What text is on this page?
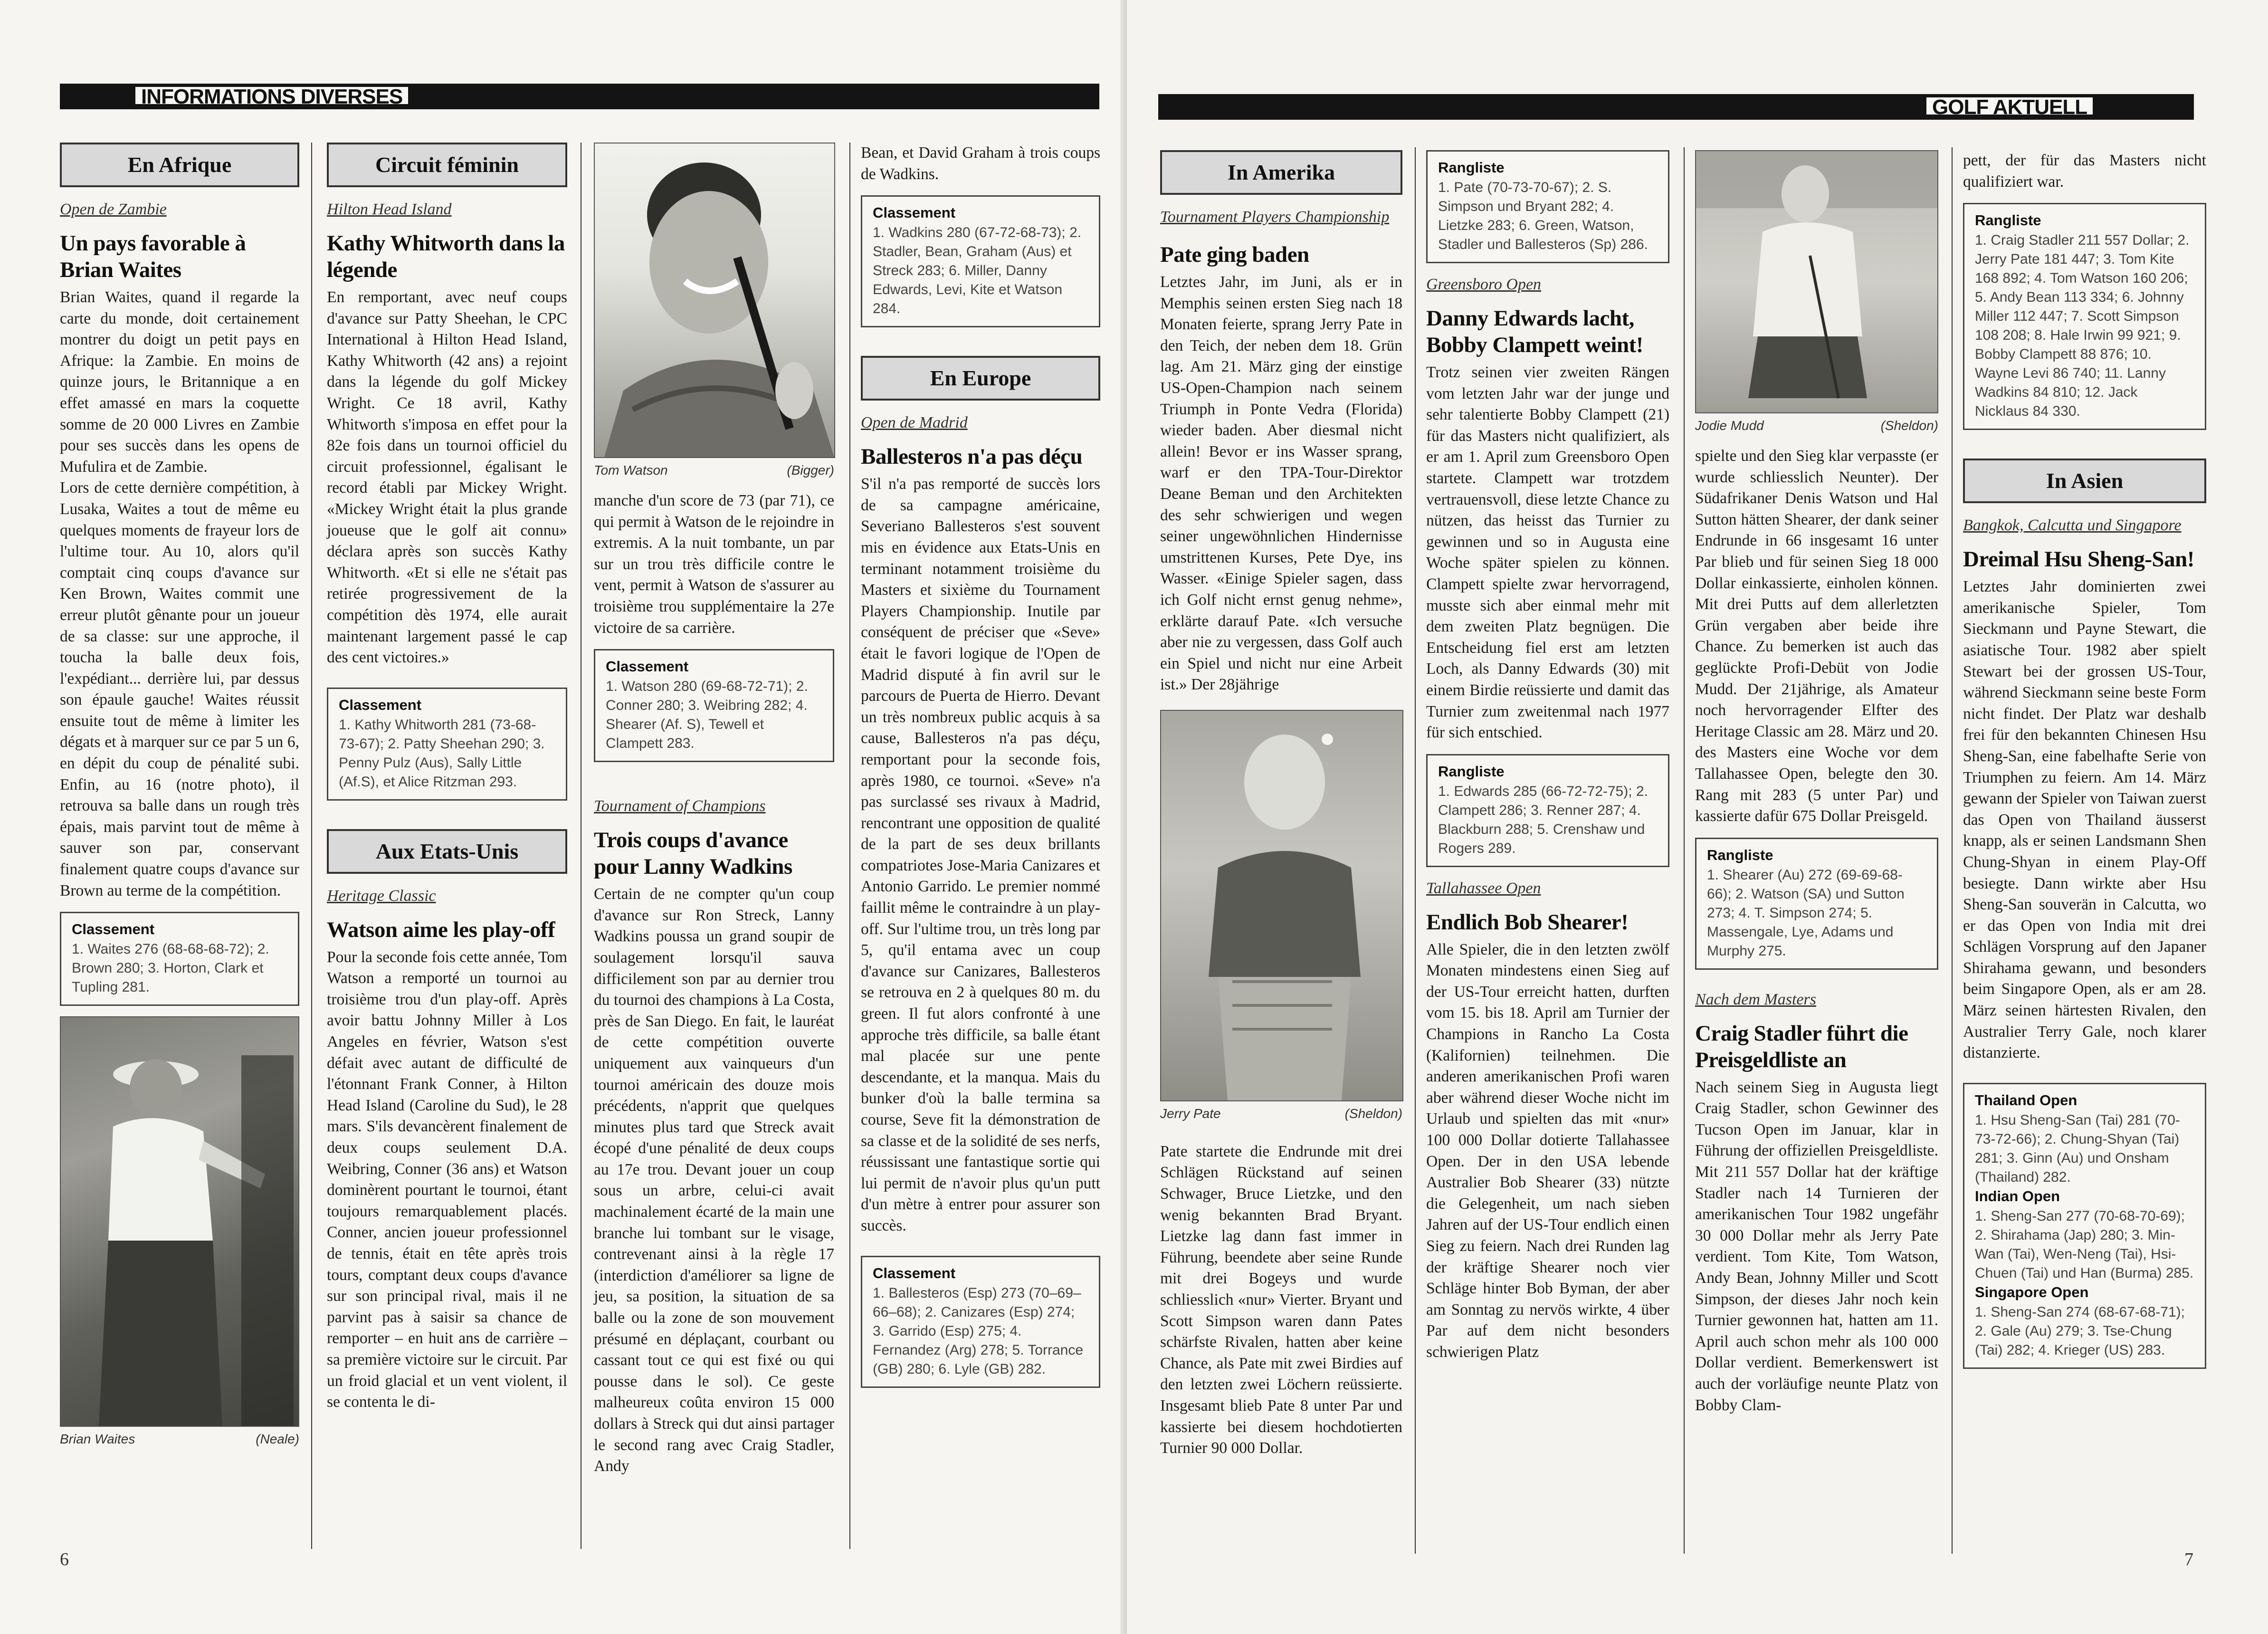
INFORMATIONS DIVERSES
En Afrique
Open de Zambie
Un pays favorable à Brian Waites

Brian Waites, quand il regarde la carte du monde, doit certainement montrer du doigt un petit pays en Afrique: la Zambie. En moins de quinze jours, le Britannique a en effet amassé en mars la coquette somme de 20 000 Livres en Zambie pour ses succès dans les opens de Mufulira et de Zambie.

Lors de cette dernière compétition, à Lusaka, Waites a tout de même eu quelques moments de frayeur lors de l'ultime tour. Au 10, alors qu'il comptait cinq coups d'avance sur Ken Brown, Waites commit une erreur plutôt gênante pour un joueur de sa classe: sur une approche, il toucha la balle deux fois, l'expédiant... derrière lui, par dessus son épaule gauche! Waites réussit ensuite tout de même à limiter les dégats et à marquer sur ce par 5 un 6, en dépit du coup de pénalité subi. Enfin, au 16 (notre photo), il retrouva sa balle dans un rough très épais, mais parvint tout de même à sauver son par, conservant finalement quatre coups d'avance sur Brown au terme de la compétition.

Classement
1. Waites 276 (68-68-68-72); 2. Brown 280; 3. Horton, Clark et Tupling 281.
Brian Waites	(Neale)
Circuit féminin
Hilton Head Island
Kathy Whitworth dans la légende

En remportant, avec neuf coups d'avance sur Patty Sheehan, le CPC International à Hilton Head Island, Kathy Whitworth (42 ans) a rejoint dans la légende du golf Mickey Wright. Ce 18 avril, Kathy Whitworth s'imposa en effet pour la 82e fois dans un tournoi officiel du circuit professionnel, égalisant le record établi par Mickey Wright. «Mickey Wright était la plus grande joueuse que le golf ait connu» déclara après son succès Kathy Whitworth. «Et si elle ne s'était pas retirée progressivement de la compétition dès 1974, elle aurait maintenant largement passé le cap des cent victoires.»

Classement
1. Kathy Whitworth 281 (73-68-73-67); 2. Patty Sheehan 290; 3. Penny Pulz (Aus), Sally Little (Af.S), et Alice Ritzman 293.
Aux Etats-Unis
Heritage Classic
Watson aime les play-off

Pour la seconde fois cette année, Tom Watson a remporté un tournoi au troisième trou d'un play-off. Après avoir battu Johnny Miller à Los Angeles en février, Watson s'est défait avec autant de difficulté de l'étonnant Frank Conner, à Hilton Head Island (Caroline du Sud), le 28 mars. S'ils devancèrent finalement de deux coups seulement D.A. Weibring, Conner (36 ans) et Watson dominèrent pourtant le tournoi, étant toujours remarquablement placés. Conner, ancien joueur professionnel de tennis, était en tête après trois tours, comptant deux coups d'avance sur son principal rival, mais il ne parvint pas à saisir sa chance de remporter – en huit ans de carrière – sa première victoire sur le circuit. Par un froid glacial et un vent violent, il se contenta le di-

Tom Watson	(Bigger)

manche d'un score de 73 (par 71), ce qui permit à Watson de le rejoindre in extremis. A la nuit tombante, un par sur un trou très difficile contre le vent, permit à Watson de s'assurer au troisième trou supplémentaire la 27e victoire de sa carrière.

Classement
1. Watson 280 (69-68-72-71); 2. Conner 280; 3. Weibring 282; 4. Shearer (Af. S), Tewell et Clampett 283.
Tournament of Champions
Trois coups d'avance pour Lanny Wadkins

Certain de ne compter qu'un coup d'avance sur Ron Streck, Lanny Wadkins poussa un grand soupir de soulagement lorsqu'il sauva difficilement son par au dernier trou du tournoi des champions à La Costa, près de San Diego. En fait, le lauréat de cette compétition ouverte uniquement aux vainqueurs d'un tournoi américain des douze mois précédents, n'apprit que quelques minutes plus tard que Streck avait écopé d'une pénalité de deux coups au 17e trou. Devant jouer un coup sous un arbre, celui-ci avait machinalement écarté de la main une branche lui tombant sur le visage, contrevenant ainsi à la règle 17 (interdiction d'améliorer sa ligne de jeu, sa position, la situation de sa balle ou la zone de son mouvement présumé en déplaçant, courbant ou cassant tout ce qui est fixé ou qui pousse dans le sol). Ce geste malheureux coûta environ 15 000 dollars à Streck qui dut ainsi partager le second rang avec Craig Stadler, Andy

Bean, et David Graham à trois coups de Wadkins.

Classement
1. Wadkins 280 (67-72-68-73); 2. Stadler, Bean, Graham (Aus) et Streck 283; 6. Miller, Danny Edwards, Levi, Kite et Watson 284.
En Europe
Open de Madrid
Ballesteros n'a pas déçu

S'il n'a pas remporté de succès lors de sa campagne américaine, Severiano Ballesteros s'est souvent mis en évidence aux Etats-Unis en terminant notamment troisième du Masters et sixième du Tournament Players Championship. Inutile par conséquent de préciser que «Seve» était le favori logique de l'Open de Madrid disputé à fin avril sur le parcours de Puerta de Hierro. Devant un très nombreux public acquis à sa cause, Ballesteros n'a pas déçu, remportant pour la seconde fois, après 1980, ce tournoi. «Seve» n'a pas surclassé ses rivaux à Madrid, rencontrant une opposition de qualité de la part de ses deux brillants compatriotes Jose-Maria Canizares et Antonio Garrido. Le premier nommé faillit même le contraindre à un play-off. Sur l'ultime trou, un très long par 5, qu'il entama avec un coup d'avance sur Canizares, Ballesteros se retrouva en 2 à quelques 80 m. du green. Il fut alors confronté à une approche très difficile, sa balle étant mal placée sur une pente descendante, et la manqua. Mais du bunker d'où la balle termina sa course, Seve fit la démonstration de sa classe et de la solidité de ses nerfs, réussissant une fantastique sortie qui lui permit de n'avoir plus qu'un putt d'un mètre à entrer pour assurer son succès.

Classement
1. Ballesteros (Esp) 273 (70–69–66–68); 2. Canizares (Esp) 274; 3. Garrido (Esp) 275; 4. Fernandez (Arg) 278; 5. Torrance (GB) 280; 6. Lyle (GB) 282.
6
GOLF AKTUELL
In Amerika
Tournament Players Championship
Pate ging baden

Letztes Jahr, im Juni, als er in Memphis seinen ersten Sieg nach 18 Monaten feierte, sprang Jerry Pate in den Teich, der neben dem 18. Grün lag. Am 21. März ging der einstige US-Open-Champion nach seinem Triumph in Ponte Vedra (Florida) wieder baden. Aber diesmal nicht allein! Bevor er ins Wasser sprang, warf er den TPA-Tour-Direktor Deane Beman und den Architekten des sehr schwierigen und wegen seiner ungewöhnlichen Hindernisse umstrittenen Kurses, Pete Dye, ins Wasser. «Einige Spieler sagen, dass ich Golf nicht ernst genug nehme», erklärte darauf Pate. «Ich versuche aber nie zu vergessen, dass Golf auch ein Spiel und nicht nur eine Arbeit ist.» Der 28jährige

Jerry Pate	(Sheldon)

Pate startete die Endrunde mit drei Schlägen Rückstand auf seinen Schwager, Bruce Lietzke, und den wenig bekannten Brad Bryant. Lietzke lag dann fast immer in Führung, beendete aber seine Runde mit drei Bogeys und wurde schliesslich «nur» Vierter. Bryant und Scott Simpson waren dann Pates schärfste Rivalen, hatten aber keine Chance, als Pate mit zwei Birdies auf den letzten zwei Löchern reüssierte. Insgesamt blieb Pate 8 unter Par und kassierte bei diesem hochdotierten Turnier 90 000 Dollar.

Rangliste
1. Pate (70-73-70-67); 2. S. Simpson und Bryant 282; 4. Lietzke 283; 6. Green, Watson, Stadler und Ballesteros (Sp) 286.
Greensboro Open
Danny Edwards lacht, Bobby Clampett weint!

Trotz seinen vier zweiten Rängen vom letzten Jahr war der junge und sehr talentierte Bobby Clampett (21) für das Masters nicht qualifiziert, als er am 1. April zum Greensboro Open startete. Clampett war trotzdem vertrauensvoll, diese letzte Chance zu nützen, das heisst das Turnier zu gewinnen und so in Augusta eine Woche später spielen zu können. Clampett spielte zwar hervorragend, musste sich aber einmal mehr mit dem zweiten Platz begnügen. Die Entscheidung fiel erst am letzten Loch, als Danny Edwards (30) mit einem Birdie reüssierte und damit das Turnier zum zweitenmal nach 1977 für sich entschied.

Rangliste
1. Edwards 285 (66-72-72-75); 2. Clampett 286; 3. Renner 287; 4. Blackburn 288; 5. Crenshaw und Rogers 289.
Tallahassee Open
Endlich Bob Shearer!

Alle Spieler, die in den letzten zwölf Monaten mindestens einen Sieg auf der US-Tour erreicht hatten, durften vom 15. bis 18. April am Turnier der Champions in Rancho La Costa (Kalifornien) teilnehmen. Die anderen amerikanischen Profi waren aber während dieser Woche nicht im Urlaub und spielten das mit «nur» 100 000 Dollar dotierte Tallahassee Open. Der in den USA lebende Australier Bob Shearer (33) nützte die Gelegenheit, um nach sieben Jahren auf der US-Tour endlich einen Sieg zu feiern. Nach drei Runden lag der kräftige Shearer noch vier Schläge hinter Bob Byman, der aber am Sonntag zu nervös wirkte, 4 über Par auf dem nicht besonders schwierigen Platz

Jodie Mudd	(Sheldon)

spielte und den Sieg klar verpasste (er wurde schliesslich Neunter). Der Südafrikaner Denis Watson und Hal Sutton hätten Shearer, der dank seiner Endrunde in 66 insgesamt 16 unter Par blieb und für seinen Sieg 18 000 Dollar einkassierte, einholen können. Mit drei Putts auf dem allerletzten Grün vergaben aber beide ihre Chance. Zu bemerken ist auch das geglückte Profi-Debüt von Jodie Mudd. Der 21jährige, als Amateur noch hervorragender Elfter des Heritage Classic am 28. März und 20. des Masters eine Woche vor dem Tallahassee Open, belegte den 30. Rang mit 283 (5 unter Par) und kassierte dafür 675 Dollar Preisgeld.

Rangliste
1. Shearer (Au) 272 (69-69-68-66); 2. Watson (SA) und Sutton 273; 4. T. Simpson 274; 5. Massengale, Lye, Adams und Murphy 275.
Nach dem Masters
Craig Stadler führt die Preisgeldliste an

Nach seinem Sieg in Augusta liegt Craig Stadler, schon Gewinner des Tucson Open im Januar, klar in Führung der offiziellen Preisgeldliste. Mit 211 557 Dollar hat der kräftige Stadler nach 14 Turnieren der amerikanischen Tour 1982 ungefähr 30 000 Dollar mehr als Jerry Pate verdient. Tom Kite, Tom Watson, Andy Bean, Johnny Miller und Scott Simpson, der dieses Jahr noch kein Turnier gewonnen hat, hatten am 11. April auch schon mehr als 100 000 Dollar verdient. Bemerkenswert ist auch der vorläufige neunte Platz von Bobby Clam-

pett, der für das Masters nicht qualifiziert war.

Rangliste
1. Craig Stadler 211 557 Dollar; 2. Jerry Pate 181 447; 3. Tom Kite 168 892; 4. Tom Watson 160 206; 5. Andy Bean 113 334; 6. Johnny Miller 112 447; 7. Scott Simpson 108 208; 8. Hale Irwin 99 921; 9. Bobby Clampett 88 876; 10. Wayne Levi 86 740; 11. Lanny Wadkins 84 810; 12. Jack Nicklaus 84 330.
In Asien
Bangkok, Calcutta und Singapore
Dreimal Hsu Sheng-San!

Letztes Jahr dominierten zwei amerikanische Spieler, Tom Sieckmann und Payne Stewart, die asiatische Tour. 1982 aber spielt Stewart bei der grossen US-Tour, während Sieckmann seine beste Form nicht findet. Der Platz war deshalb frei für den bekannten Chinesen Hsu Sheng-San, eine fabelhafte Serie von Triumphen zu feiern. Am 14. März gewann der Spieler von Taiwan zuerst das Open von Thailand äusserst knapp, als er seinen Landsmann Shen Chung-Shyan in einem Play-Off besiegte. Dann wirkte aber Hsu Sheng-San souverän in Calcutta, wo er das Open von India mit drei Schlägen Vorsprung auf den Japaner Shirahama gewann, und besonders beim Singapore Open, als er am 28. März seinen härtesten Rivalen, den Australier Terry Gale, noch klarer distanzierte.

Thailand Open
1. Hsu Sheng-San (Tai) 281 (70-73-72-66); 2. Chung-Shyan (Tai) 281; 3. Ginn (Au) und Onsham (Thailand) 282.
Indian Open
1. Sheng-San 277 (70-68-70-69); 2. Shirahama (Jap) 280; 3. Min-Wan (Tai), Wen-Neng (Tai), Hsi-Chuen (Tai) und Han (Burma) 285.
Singapore Open
1. Sheng-San 274 (68-67-68-71); 2. Gale (Au) 279; 3. Tse-Chung (Tai) 282; 4. Krieger (US) 283.
7
